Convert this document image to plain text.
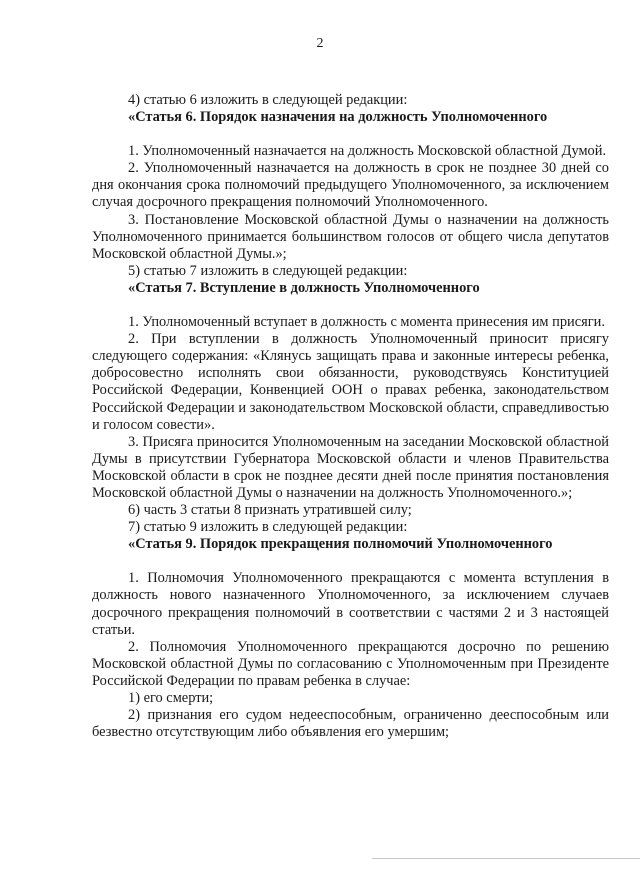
2

4) статью 6 изложить в следующей редакции:

«Статья 6. Порядок назначения на должность Уполномоченного

1. Уполномоченный назначается на должность Московской областной Думой.

2. Уполномоченный назначается на должность в срок не позднее 30 дней со дня окончания срока полномочий предыдущего Уполномоченного, за исключением случая досрочного прекращения полномочий Уполномоченного.

3. Постановление Московской областной Думы о назначении на должность Уполномоченного принимается большинством голосов от общего числа депутатов Московской областной Думы.»;

5) статью 7 изложить в следующей редакции:

«Статья 7. Вступление в должность Уполномоченного

1. Уполномоченный вступает в должность с момента принесения им присяги.

2. При вступлении в должность Уполномоченный приносит присягу следующего содержания: «Клянусь защищать права и законные интересы ребенка, добросовестно исполнять свои обязанности, руководствуясь Конституцией Российской Федерации, Конвенцией ООН о правах ребенка, законодательством Российской Федерации и законодательством Московской области, справедливостью и голосом совести».

3. Присяга приносится Уполномоченным на заседании Московской областной Думы в присутствии Губернатора Московской области и членов Правительства Московской области в срок не позднее десяти дней после принятия постановления Московской областной Думы о назначении на должность Уполномоченного.»;

6) часть 3 статьи 8 признать утратившей силу;

7) статью 9 изложить в следующей редакции:

«Статья 9. Порядок прекращения полномочий Уполномоченного

1. Полномочия Уполномоченного прекращаются с момента вступления в должность нового назначенного Уполномоченного, за исключением случаев досрочного прекращения полномочий в соответствии с частями 2 и 3 настоящей статьи.

2. Полномочия Уполномоченного прекращаются досрочно по решению Московской областной Думы по согласованию с Уполномоченным при Президенте Российской Федерации по правам ребенка в случае:

1) его смерти;

2) признания его судом недееспособным, ограниченно дееспособным или безвестно отсутствующим либо объявления его умершим;
